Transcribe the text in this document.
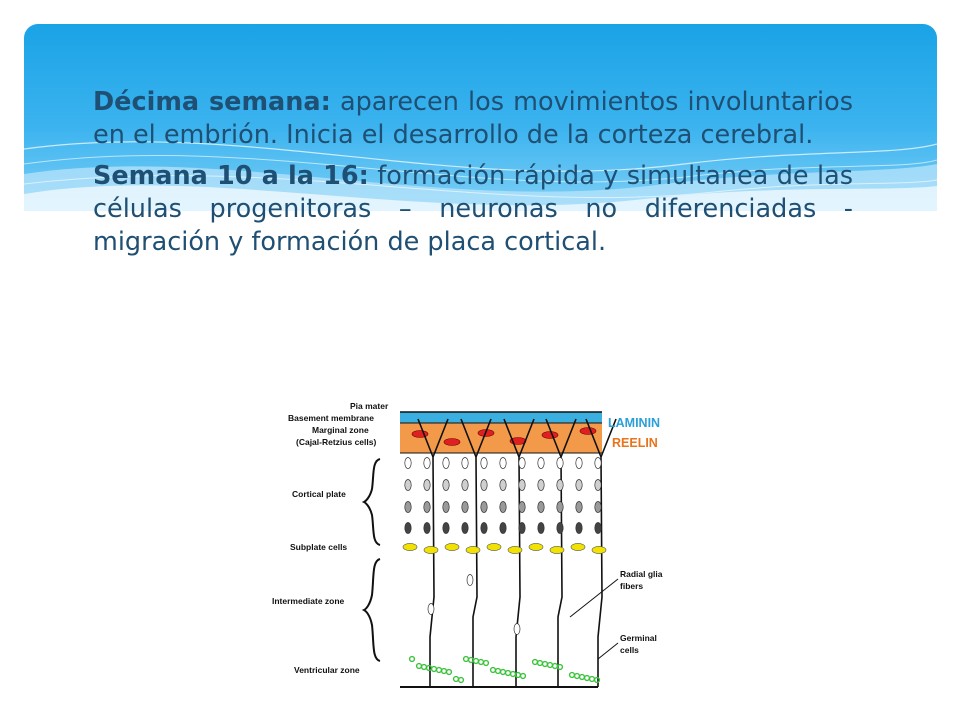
Décima semana: aparecen los movimientos involuntarios en el embrión. Inicia el desarrollo de la corteza cerebral.

Semana 10 a la 16: formación rápida y simultanea de las células progenitoras – neuronas no diferenciadas - migración y formación de placa cortical.

Pia mater
Basement membrane
Marginal zone
(Cajal-Retzius cells)
Cortical plate
Subplate cells
Intermediate zone
Ventricular zone
LAMININ
REELIN
Radial glia
fibers
Germinal
cells
